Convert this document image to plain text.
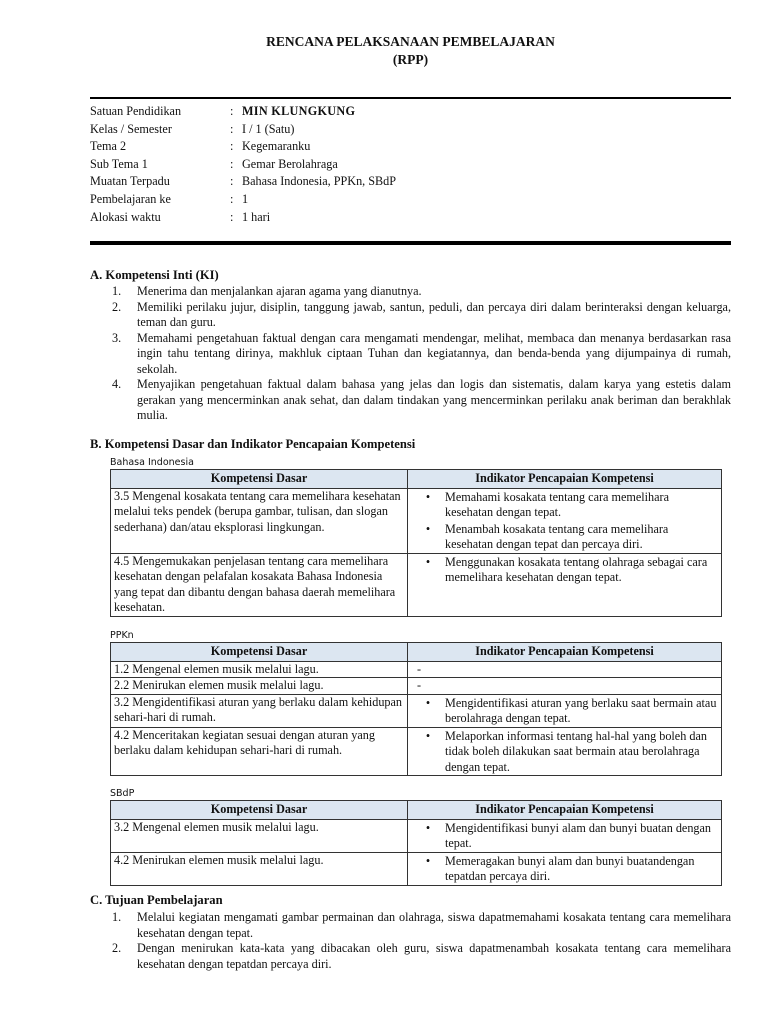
RENCANA PELAKSANAAN PEMBELAJARAN
(RPP)
Satuan Pendidikan	: MIN KLUNGKUNG
Kelas / Semester	: I / 1 (Satu)
Tema 2	: Kegemaranku
Sub Tema 1	: Gemar Berolahraga
Muatan Terpadu	: Bahasa Indonesia, PPKn, SBdP
Pembelajaran ke	: 1
Alokasi waktu	: 1 hari
A. Kompetensi Inti (KI)
1.	Menerima dan menjalankan ajaran agama yang dianutnya.
2.	Memiliki perilaku jujur, disiplin, tanggung jawab, santun, peduli, dan percaya diri dalam berinteraksi dengan keluarga, teman dan guru.
3.	Memahami pengetahuan faktual dengan cara mengamati mendengar, melihat, membaca dan menanya berdasarkan rasa ingin tahu tentang dirinya, makhluk ciptaan Tuhan dan kegiatannya, dan benda-benda yang dijumpainya di rumah, sekolah.
4.	Menyajikan pengetahuan faktual dalam bahasa yang jelas dan logis dan sistematis, dalam karya yang estetis dalam gerakan yang mencerminkan anak sehat, dan dalam tindakan yang mencerminkan perilaku anak beriman dan berakhlak mulia.
B. Kompetensi Dasar dan Indikator Pencapaian Kompetensi
Bahasa Indonesia
Kompetensi Dasar	Indikator Pencapaian Kompetensi
3.5 Mengenal kosakata tentang cara memelihara kesehatan melalui teks pendek (berupa gambar, tulisan, dan slogan sederhana) dan/atau eksplorasi lingkungan.	• Memahami kosakata tentang cara memelihara kesehatan dengan tepat.
• Menambah kosakata tentang cara memelihara kesehatan dengan tepat dan percaya diri.

4.5 Mengemukakan penjelasan tentang cara memelihara kesehatan dengan pelafalan kosakata Bahasa Indonesia yang tepat dan dibantu dengan bahasa daerah memelihara kesehatan.	• Menggunakan kosakata tentang olahraga sebagai cara memelihara kesehatan dengan tepat.
PPKn
Kompetensi Dasar	Indikator Pencapaian Kompetensi
1.2 Mengenal elemen musik melalui lagu.	-
2.2 Menirukan elemen musik melalui lagu.	-
3.2 Mengidentifikasi aturan yang berlaku dalam kehidupan sehari-hari di rumah.	• Mengidentifikasi aturan yang berlaku saat bermain atau berolahraga dengan tepat.

4.2 Menceritakan kegiatan sesuai dengan aturan yang berlaku dalam kehidupan sehari-hari di rumah.	• Melaporkan informasi tentang hal-hal yang boleh dan tidak boleh dilakukan saat bermain atau berolahraga dengan tepat.
SBdP
Kompetensi Dasar	Indikator Pencapaian Kompetensi
3.2 Mengenal elemen musik melalui lagu.	• Mengidentifikasi bunyi alam dan bunyi buatan dengan tepat.

4.2 Menirukan elemen musik melalui lagu.	• Memeragakan bunyi alam dan bunyi buatandengan tepatdan percaya diri.
C. Tujuan Pembelajaran
1.	Melalui kegiatan mengamati gambar permainan dan olahraga, siswa dapatmemahami kosakata tentang cara memelihara kesehatan dengan tepat.
2.	Dengan menirukan kata-kata yang dibacakan oleh guru, siswa dapatmenambah kosakata tentang cara memelihara kesehatan dengan tepatdan percaya diri.
